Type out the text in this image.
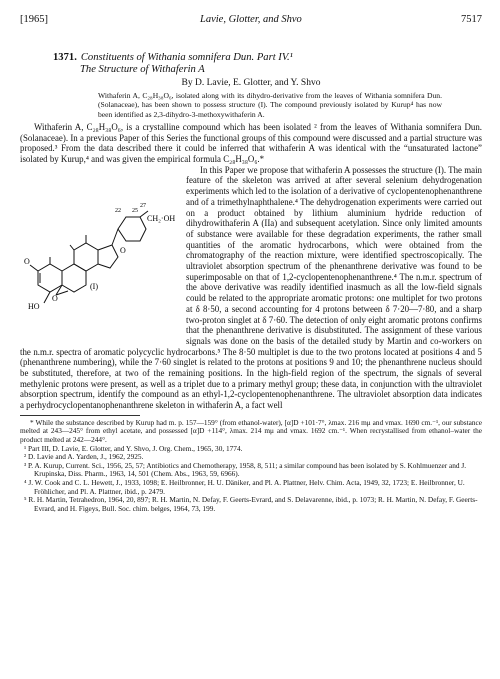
[1965]	Lavie, Glotter, and Shvo	7517
1371. Constituents of Withania somnifera Dun. Part IV.¹
The Structure of Withaferin A
By D. Lavie, E. Glotter, and Y. Shvo
Withaferin A, C₂₈H₃₈O₆, isolated along with its dihydro-derivative from the leaves of Withania somnifera Dun. (Solanaceae), has been shown to possess structure (I). The compound previously isolated by Kurup⁴ has now been identified as 2,3-dihydro-3-methoxywithaferin A.

Withaferin A, C₂₈H₃₈O₆, is a crystalline compound which has been isolated ² from the leaves of Withania somnifera Dun. (Solanaceae). In a previous Paper of this Series the functional groups of this compound were discussed and a partial structure was proposed.³ From the data described there it could be inferred that withaferin A was identical with the “unsaturated lactone” isolated by Kurup,⁴ and was given the empirical formula C₂₈H₃₈O₆.*

22 25
27
CH₂·OH
O
O
O
HO
(I)

In this Paper we propose that withaferin A possesses the structure (I). The main feature of the skeleton was arrived at after several selenium dehydrogenation experiments which led to the isolation of a derivative of cyclopentenophenanthrene and of a trimethylnaphthalene.⁴ The dehydrogenation experiments were carried out on a product obtained by lithium aluminium hydride reduction of dihydrowithaferin A (IIa) and subsequent acetylation. Since only limited amounts of substance were available for these degradation experiments, the rather small quantities of the aromatic hydrocarbons, which were obtained from the chromatography of the reaction mixture, were identified spectroscopically. The ultraviolet absorption spectrum of the phenanthrene derivative was found to be superimposable on that of 1,2-cyclopentenophenanthrene.⁴ The n.m.r. spectrum of the above derivative was readily identified inasmuch as all the low-field signals could be related to the appropriate aromatic protons: one multiplet for two protons at δ 8·50, a second accounting for 4 protons between δ 7·20—7·80, and a sharp two-proton singlet at δ 7·60. The detection of only eight aromatic protons confirms that the phenanthrene derivative is disubstituted. The assignment of these various signals was done on the basis of the detailed study by Martin and co-workers on the n.m.r. spectra of aromatic polycyclic hydrocarbons.⁵ The 8·50 multiplet is due to the two protons located at positions 4 and 5 (phenanthrene numbering), while the 7·60 singlet is related to the protons at positions 9 and 10; the phenanthrene nucleus should be substituted, therefore, at two of the remaining positions. In the high-field region of the spectrum, the signals of several methylenic protons were present, as well as a triplet due to a primary methyl group; these data, in conjunction with the ultraviolet absorption spectrum, identify the compound as an ethyl-1,2-cyclopentenophenanthrene. The ultraviolet absorption data indicates a perhydrocyclopentanophenanthrene skeleton in withaferin A, a fact well

* While the substance described by Kurup had m. p. 157—159° (from ethanol-water), [α]D +101·7°, λmax. 216 mμ and νmax. 1690 cm.⁻¹, our substance melted at 243—245° from ethyl acetate, and possessed [α]D +114°, λmax. 214 mμ and νmax. 1692 cm.⁻¹. When recrystallised from ethanol–water the product melted at 242—244°.

¹ Part III, D. Lavie, E. Glotter, and Y. Shvo, J. Org. Chem., 1965, 30, 1774.
² D. Lavie and A. Yarden, J., 1962, 2925.
³ P. A. Kurup, Current. Sci., 1956, 25, 57; Antibiotics and Chemotherapy, 1958, 8, 511; a similar compound has been isolated by S. Kohlmuenzer and J. Krupinska, Diss. Pharm., 1963, 14, 501 (Chem. Abs., 1963, 59, 6966).
⁴ J. W. Cook and C. L. Hewett, J., 1933, 1098; E. Heilbronner, H. U. Däniker, and Pl. A. Plattner, Helv. Chim. Acta, 1949, 32, 1723; E. Heilbronner, U. Fröhlicher, and Pl. A. Plattner, ibid., p. 2479.
⁵ R. H. Martin, Tetrahedron, 1964, 20, 897; R. H. Martin, N. Defay, F. Geerts-Evrard, and S. Delavarenne, ibid., p. 1073; R. H. Martin, N. Defay, F. Geerts-Evrard, and H. Figeys, Bull. Soc. chim. belges, 1964, 73, 199.
